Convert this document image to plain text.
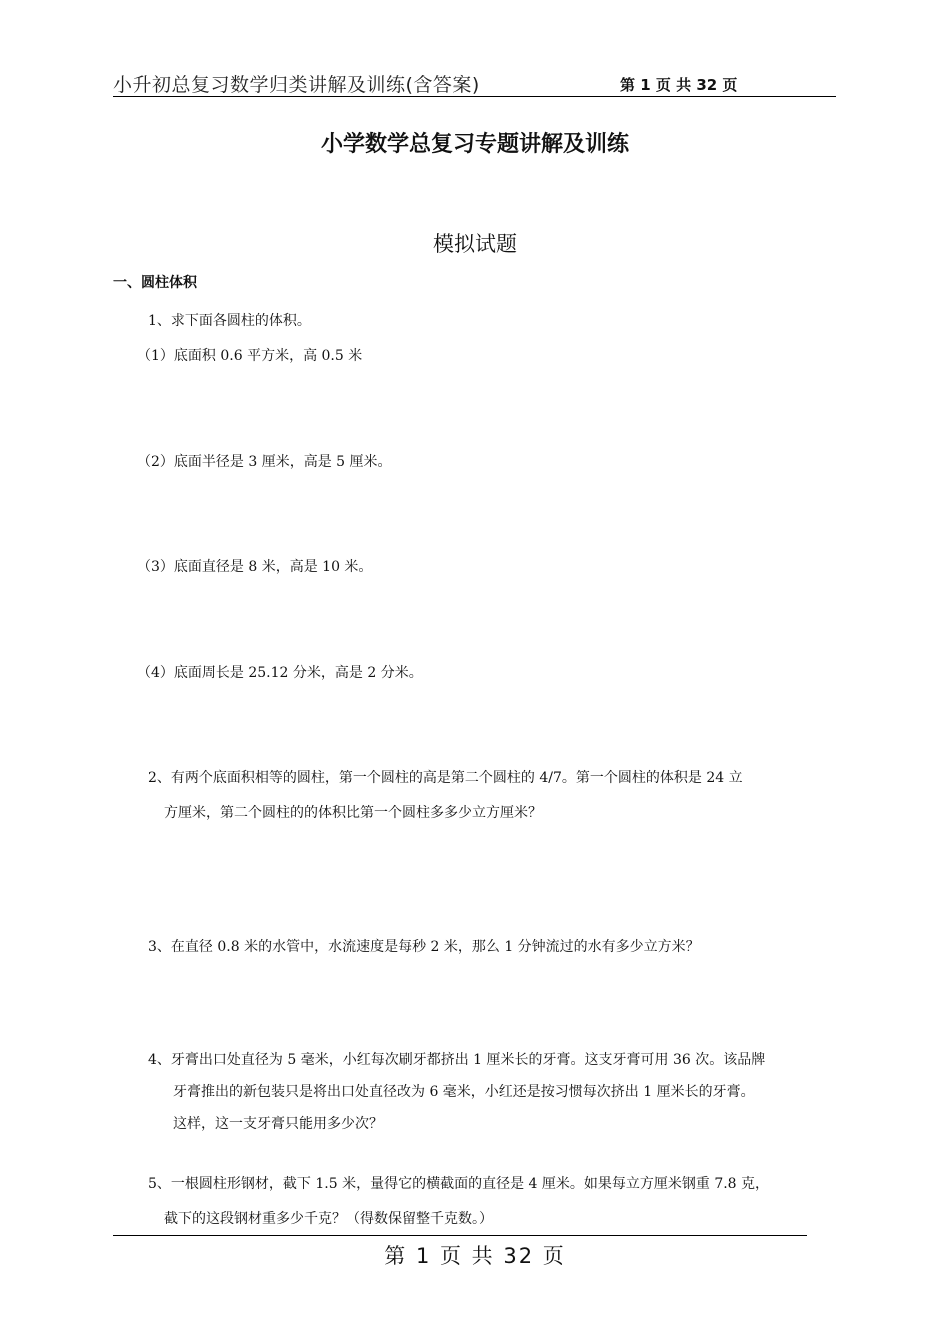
小升初总复习数学归类讲解及训练(含答案)	第 1 页 共 32 页
小学数学总复习专题讲解及训练
模拟试题
一、圆柱体积
1、求下面各圆柱的体积。
（1）底面积 0.6 平方米，高 0.5 米
（2）底面半径是 3 厘米，高是 5 厘米。
（3）底面直径是 8 米，高是 10 米。
（4）底面周长是 25.12 分米，高是 2 分米。
2、有两个底面积相等的圆柱，第一个圆柱的高是第二个圆柱的 4/7。第一个圆柱的体积是 24 立
方厘米，第二个圆柱的的体积比第一个圆柱多多少立方厘米？
3、在直径 0.8 米的水管中，水流速度是每秒 2 米，那么 1 分钟流过的水有多少立方米？
4、牙膏出口处直径为 5 毫米，小红每次刷牙都挤出 1 厘米长的牙膏。这支牙膏可用 36 次。该品牌
牙膏推出的新包装只是将出口处直径改为 6 毫米，小红还是按习惯每次挤出 1 厘米长的牙膏。
这样，这一支牙膏只能用多少次？
5、一根圆柱形钢材，截下 1.5 米，量得它的横截面的直径是 4 厘米。如果每立方厘米钢重 7.8 克，
截下的这段钢材重多少千克？（得数保留整千克数。）
第 1 页 共 32 页
